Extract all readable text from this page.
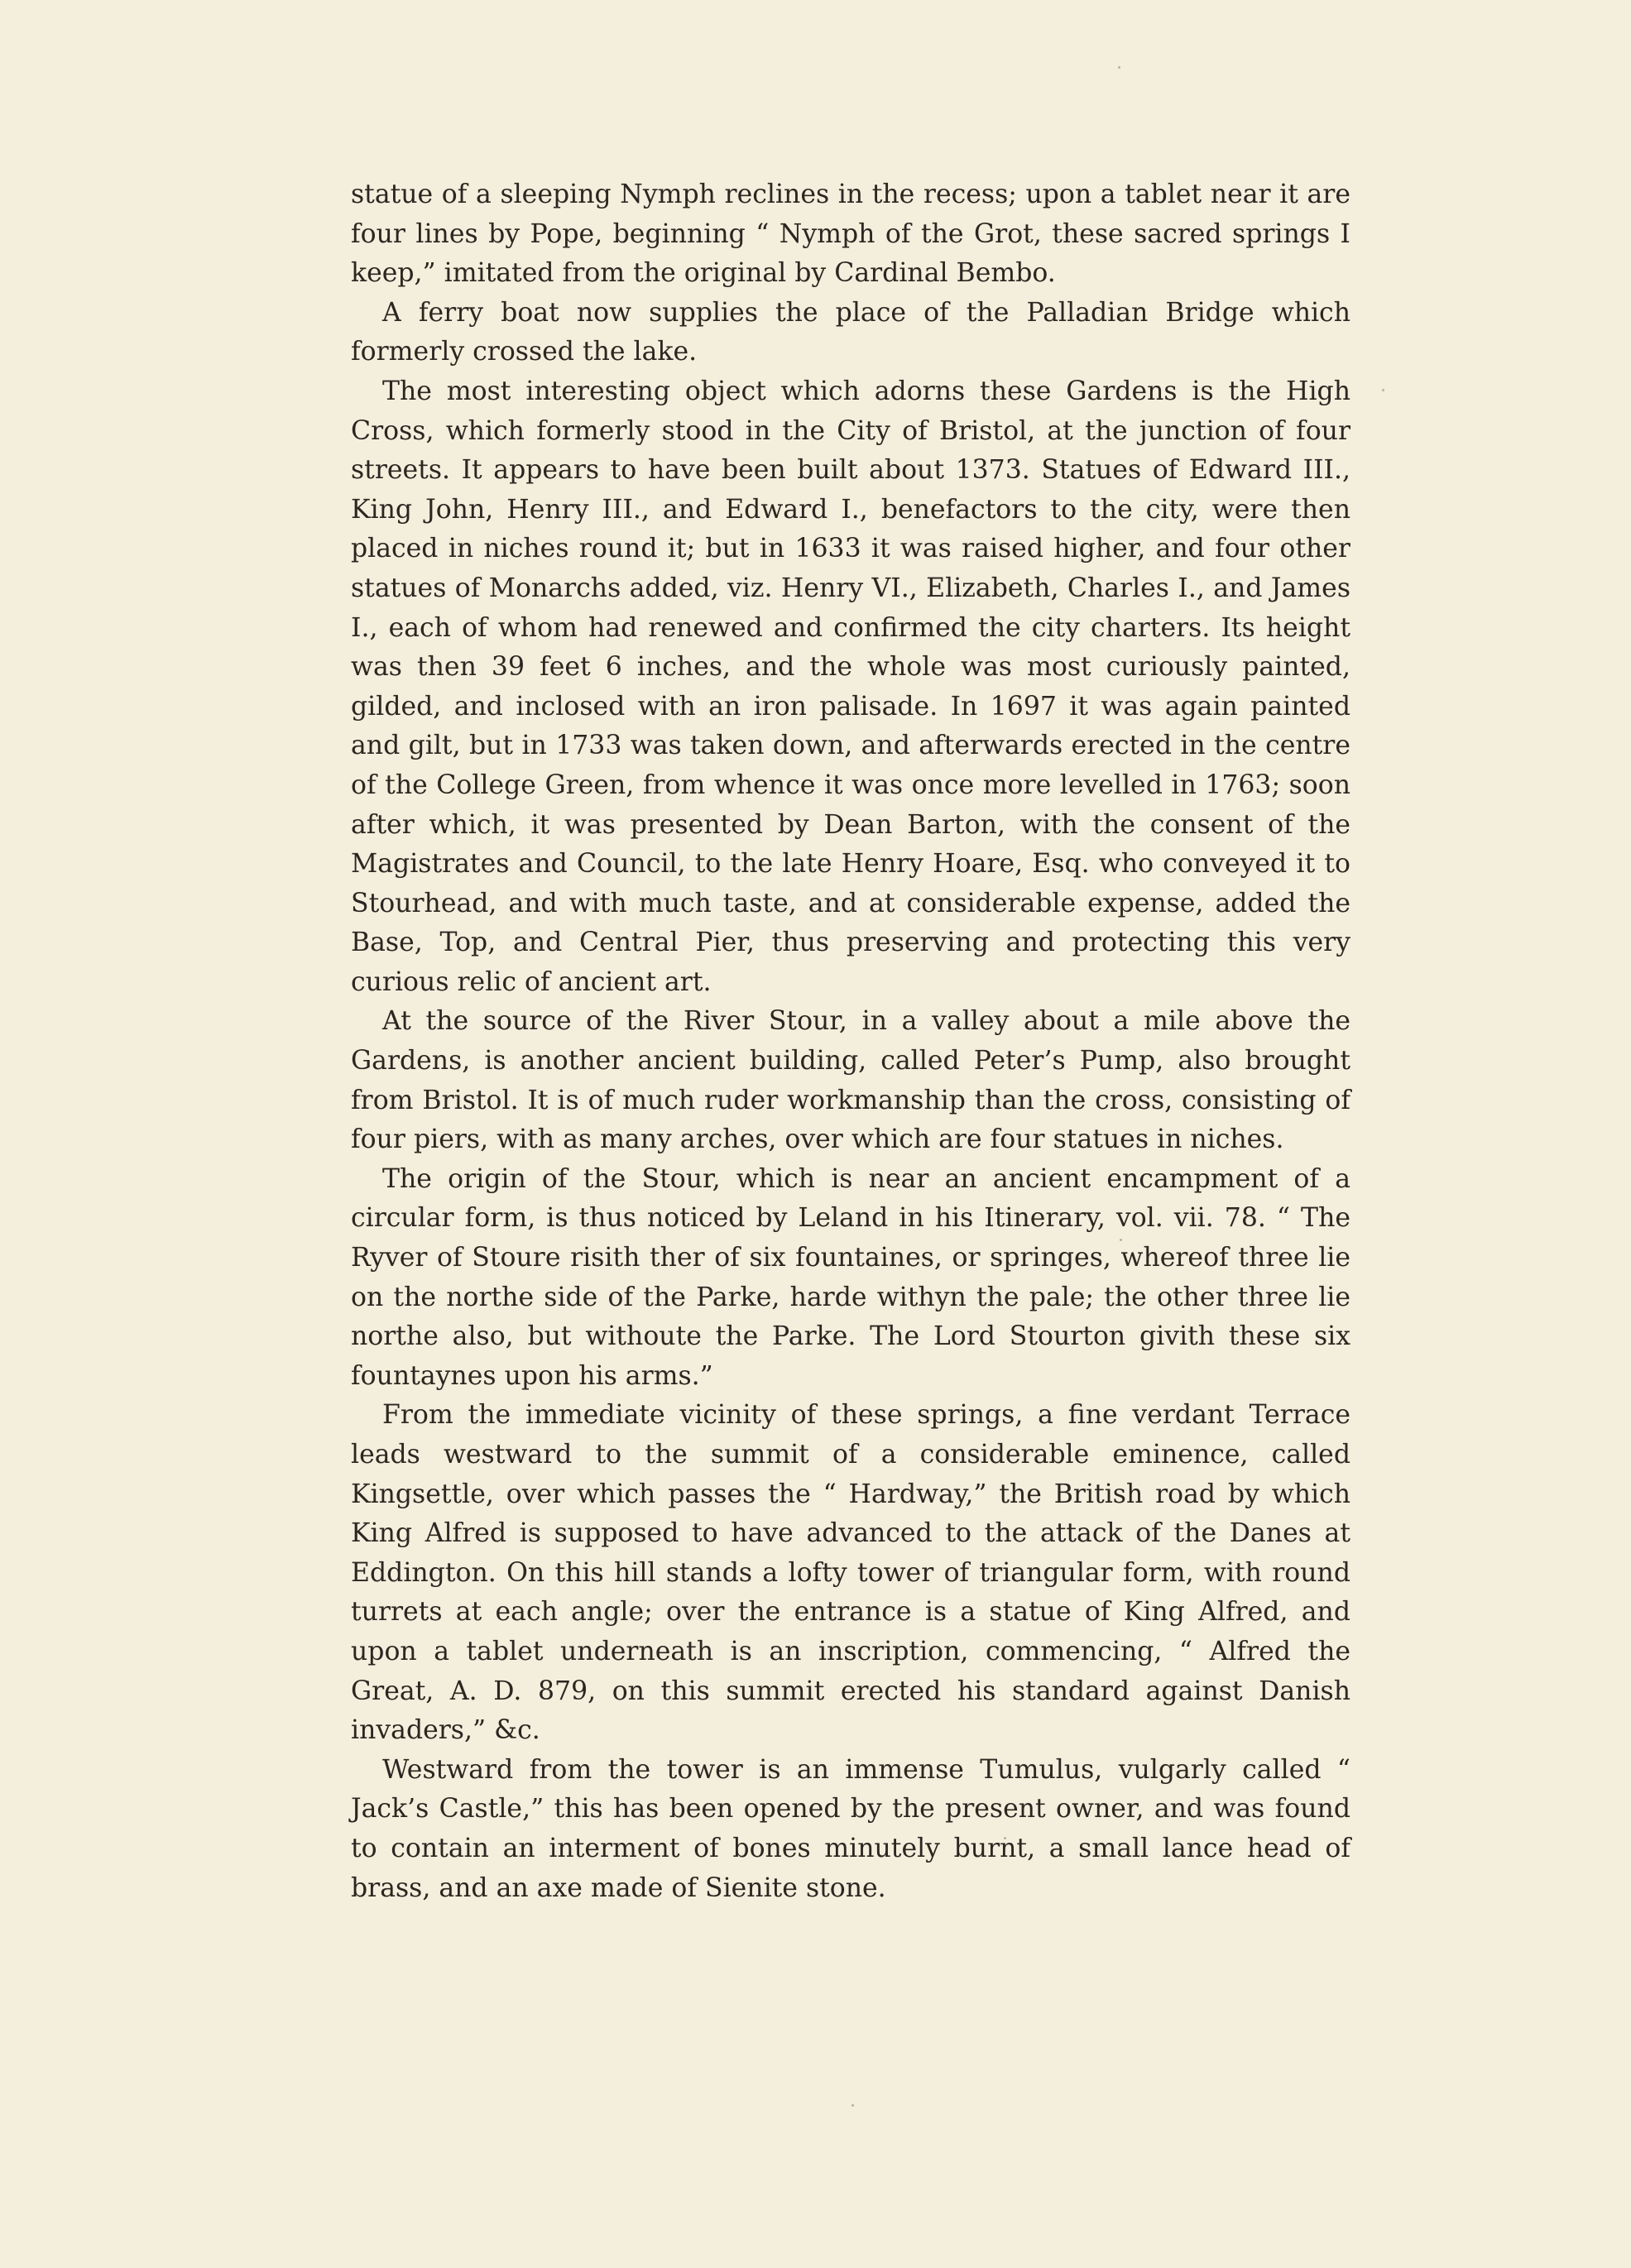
statue of a sleeping Nymph reclines in the recess; upon a tablet near it are four lines by Pope, beginning “ Nymph of the Grot, these sacred springs I keep,” imitated from the original by Cardinal Bembo.

A ferry boat now supplies the place of the Palladian Bridge which formerly crossed the lake.

The most interesting object which adorns these Gardens is the High Cross, which formerly stood in the City of Bristol, at the junction of four streets. It appears to have been built about 1373. Statues of Edward III., King John, Henry III., and Edward I., benefactors to the city, were then placed in niches round it; but in 1633 it was raised higher, and four other statues of Monarchs added, viz. Henry VI., Elizabeth, Charles I., and James I., each of whom had renewed and confirmed the city charters. Its height was then 39 feet 6 inches, and the whole was most curiously painted, gilded, and inclosed with an iron palisade. In 1697 it was again painted and gilt, but in 1733 was taken down, and afterwards erected in the centre of the College Green, from whence it was once more levelled in 1763; soon after which, it was presented by Dean Barton, with the consent of the Magistrates and Council, to the late Henry Hoare, Esq. who conveyed it to Stourhead, and with much taste, and at considerable expense, added the Base, Top, and Central Pier, thus preserving and protecting this very curious relic of ancient art.

At the source of the River Stour, in a valley about a mile above the Gardens, is another ancient building, called Peter’s Pump, also brought from Bristol. It is of much ruder workmanship than the cross, consisting of four piers, with as many arches, over which are four statues in niches.

The origin of the Stour, which is near an ancient encampment of a circular form, is thus noticed by Leland in his Itinerary, vol. vii. 78. “ The Ryver of Stoure risith ther of six fountaines, or springes, whereof three lie on the northe side of the Parke, harde withyn the pale; the other three lie northe also, but withoute the Parke. The Lord Stourton givith these six fountaynes upon his arms.”

From the immediate vicinity of these springs, a fine verdant Terrace leads westward to the summit of a considerable eminence, called Kingsettle, over which passes the “ Hardway,” the British road by which King Alfred is supposed to have advanced to the attack of the Danes at Eddington. On this hill stands a lofty tower of triangular form, with round turrets at each angle; over the entrance is a statue of King Alfred, and upon a tablet underneath is an inscription, commencing, “ Alfred the Great, A. D. 879, on this summit erected his standard against Danish invaders,” &c.

Westward from the tower is an immense Tumulus, vulgarly called “ Jack’s Castle,” this has been opened by the present owner, and was found to contain an interment of bones minutely burnt, a small lance head of brass, and an axe made of Sienite stone.
